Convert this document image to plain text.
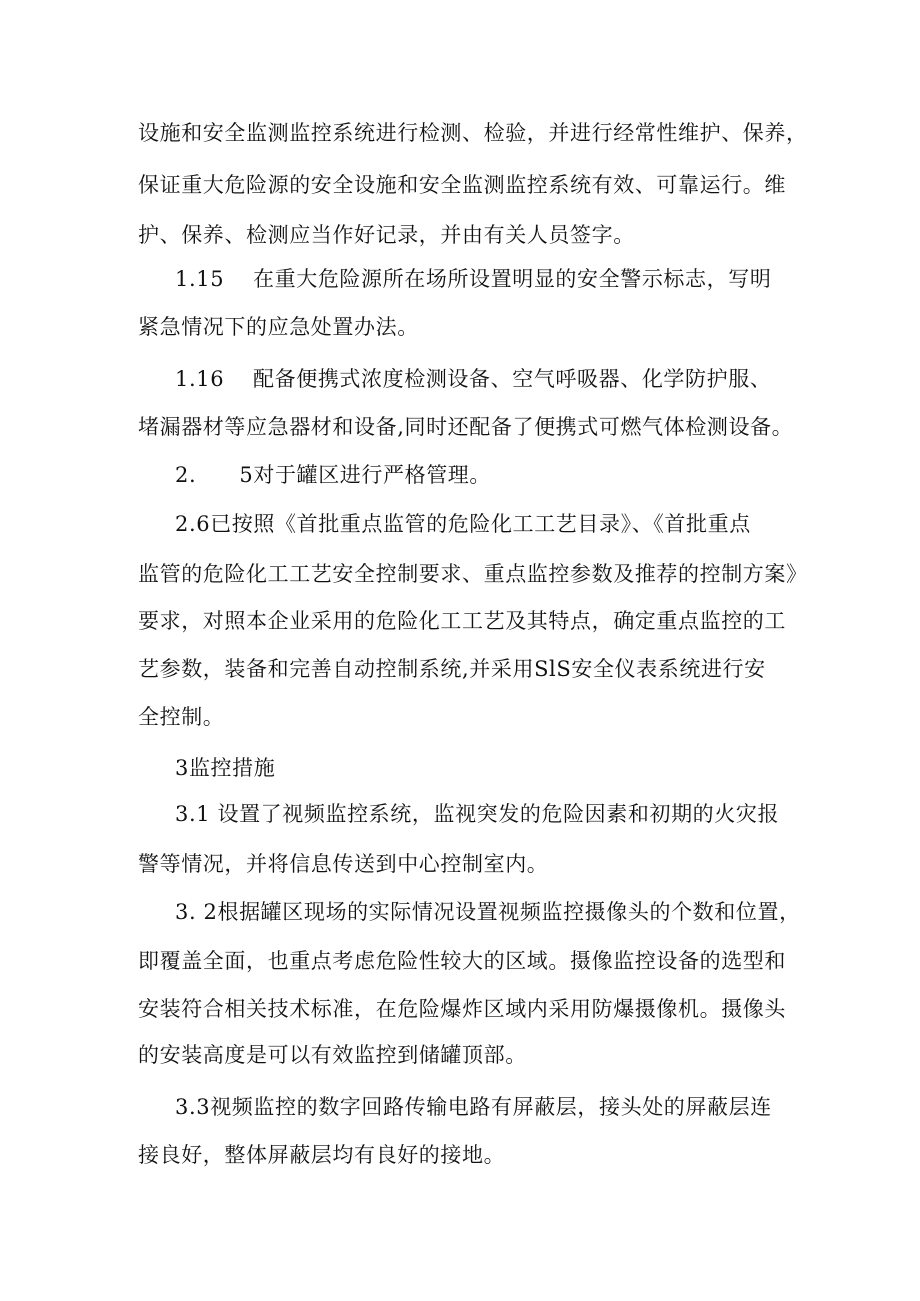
设施和安全监测监控系统进行检测、检验，并进行经常性维护、保养，
保证重大危险源的安全设施和安全监测监控系统有效、可靠运行。维
护、保养、检测应当作好记录，并由有关人员签字。
1.15　 在重大危险源所在场所设置明显的安全警示标志，写明
紧急情况下的应急处置办法。
1.16　 配备便携式浓度检测设备、空气呼吸器、化学防护服、
堵漏器材等应急器材和设备,同时还配备了便携式可燃气体检测设备。
2.　　5对于罐区进行严格管理。
2.6已按照《首批重点监管的危险化工工艺目录》、《首批重点
监管的危险化工工艺安全控制要求、重点监控参数及推荐的控制方案》
要求，对照本企业采用的危险化工工艺及其特点，确定重点监控的工
艺参数，装备和完善自动控制系统,并采用SlS安全仪表系统进行安
全控制。
3监控措施
3.1 设置了视频监控系统，监视突发的危险因素和初期的火灾报
警等情况，并将信息传送到中心控制室内。
3. 2根据罐区现场的实际情况设置视频监控摄像头的个数和位置，
即覆盖全面，也重点考虑危险性较大的区域。摄像监控设备的选型和
安装符合相关技术标准，在危险爆炸区域内采用防爆摄像机。摄像头
的安装高度是可以有效监控到储罐顶部。
3.3视频监控的数字回路传输电路有屏蔽层，接头处的屏蔽层连
接良好，整体屏蔽层均有良好的接地。
